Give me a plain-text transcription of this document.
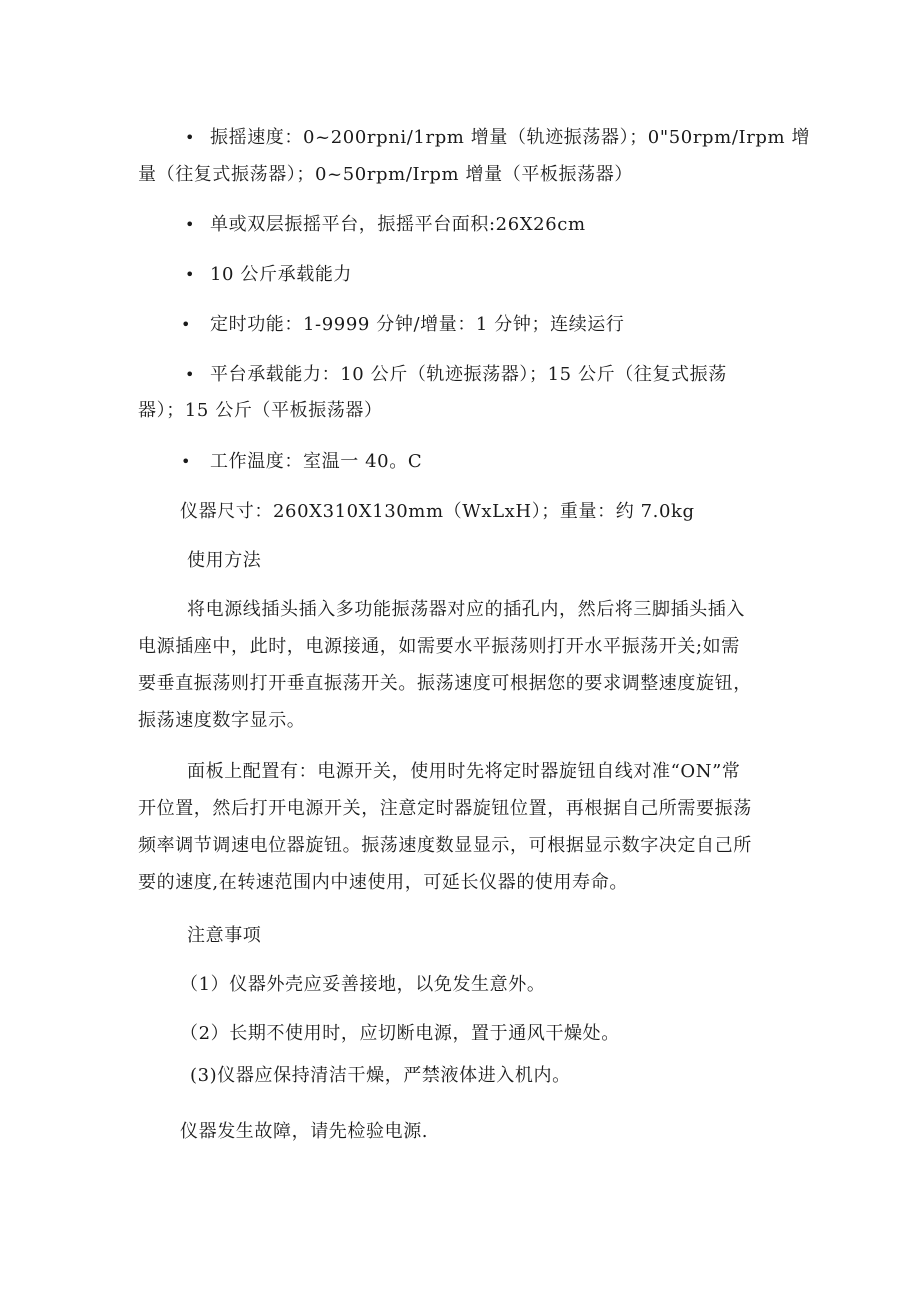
• 振摇速度：0~200rpni/1rpm 增量（轨迹振荡器）；0"50rpm/Irpm 增
量（往复式振荡器）；0~50rpm/Irpm 增量（平板振荡器）
• 单或双层振摇平台，振摇平台面积:26X26cm
• 10 公斤承载能力
• 定时功能：1-9999 分钟/增量：1 分钟；连续运行
• 平台承载能力：10 公斤（轨迹振荡器）；15 公斤（往复式振荡
器）；15 公斤（平板振荡器）
• 工作温度：室温一 40。C
仪器尺寸：260X310X130mm（WxLxH）；重量：约 7.0kg
使用方法
将电源线插头插入多功能振荡器对应的插孔内，然后将三脚插头插入
电源插座中，此时，电源接通，如需要水平振荡则打开水平振荡开关;如需
要垂直振荡则打开垂直振荡开关。振荡速度可根据您的要求调整速度旋钮，
振荡速度数字显示。
面板上配置有：电源开关，使用时先将定时器旋钮自线对准“ON”常
开位置，然后打开电源开关，注意定时器旋钮位置，再根据自己所需要振荡
频率调节调速电位器旋钮。振荡速度数显显示，可根据显示数字决定自己所
要的速度,在转速范围内中速使用，可延长仪器的使用寿命。
注意事项
（1）仪器外壳应妥善接地，以免发生意外。
（2）长期不使用时，应切断电源，置于通风干燥处。
(3)仪器应保持清洁干燥，严禁液体进入机内。
仪器发生故障，请先检验电源.
